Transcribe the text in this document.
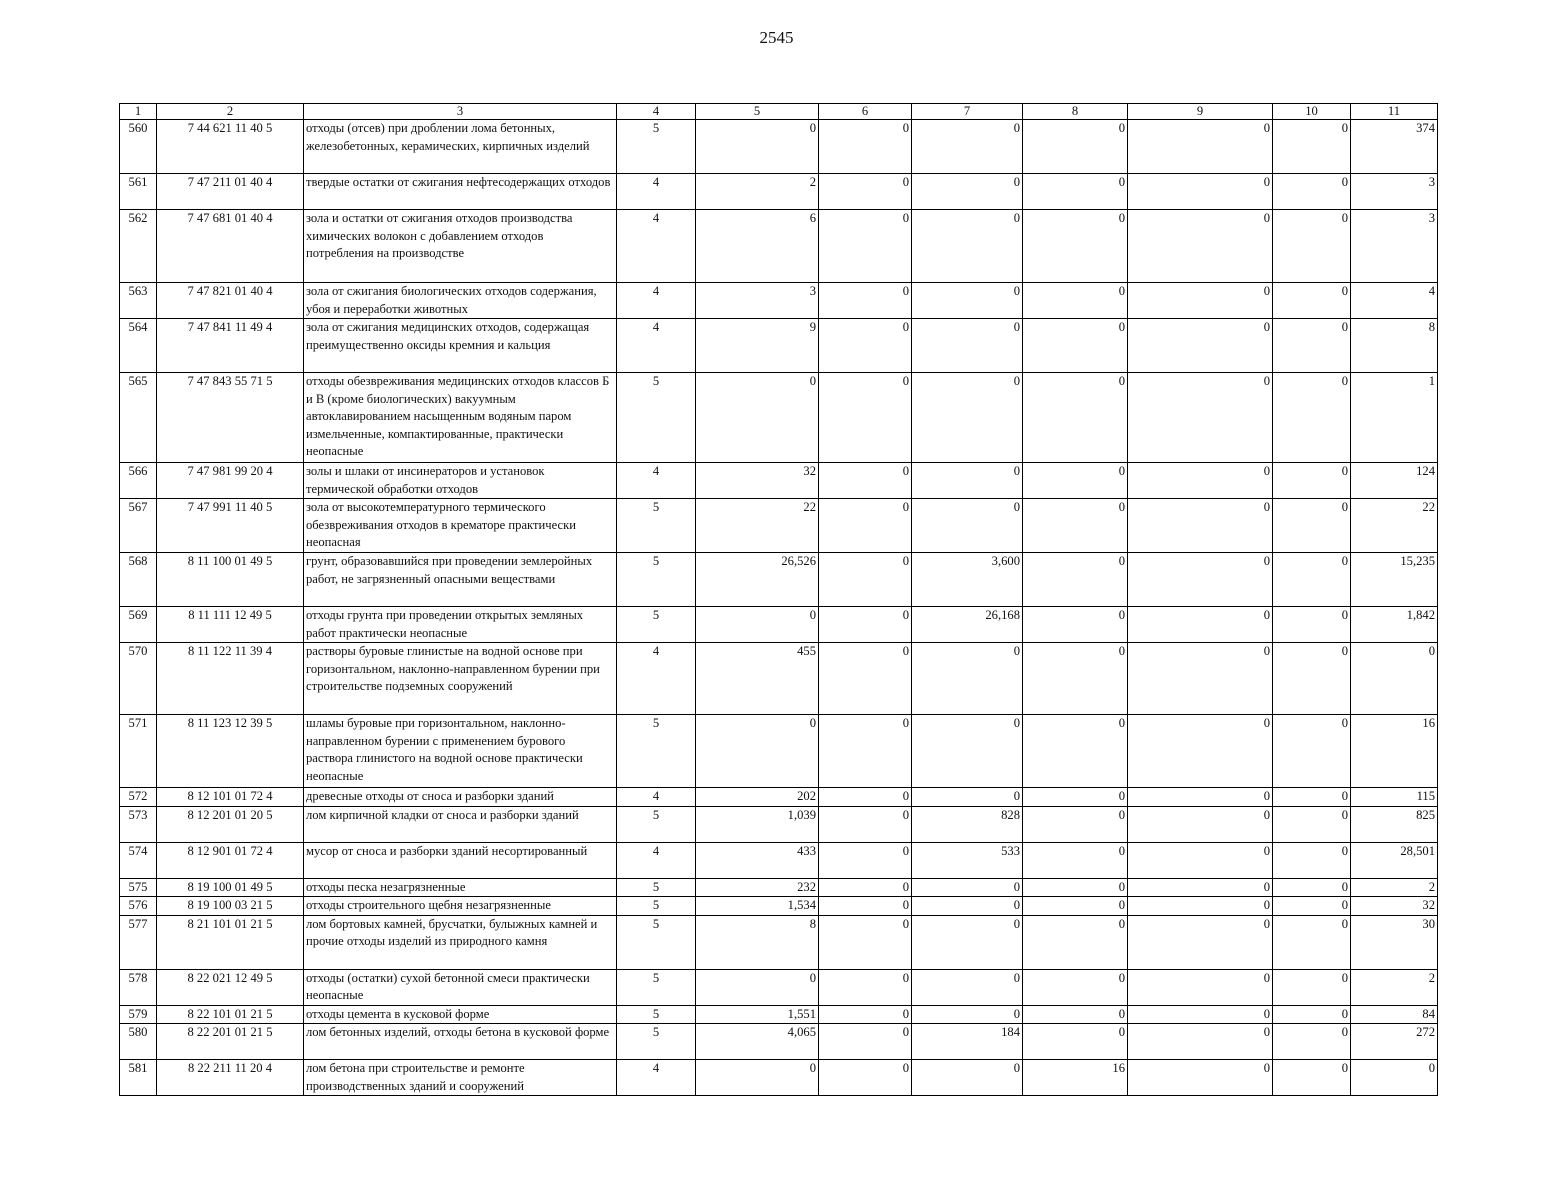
2545
1	2	3	4	5	6	7	8	9	10	11
560	7 44 621 11 40 5	отходы (отсев) при дроблении лома бетонных, железобетонных, керамических, кирпичных изделий	5	0	0	0	0	0	0	374
561	7 47 211 01 40 4	твердые остатки от сжигания нефтесодержащих отходов	4	2	0	0	0	0	0	3
562	7 47 681 01 40 4	зола и остатки от сжигания отходов производства химических волокон с добавлением отходов потребления на производстве	4	6	0	0	0	0	0	3
563	7 47 821 01 40 4	зола от сжигания биологических отходов содержания, убоя и переработки животных	4	3	0	0	0	0	0	4
564	7 47 841 11 49 4	зола от сжигания медицинских отходов, содержащая преимущественно оксиды кремния и кальция	4	9	0	0	0	0	0	8
565	7 47 843 55 71 5	отходы обезвреживания медицинских отходов классов Б и В (кроме биологических) вакуумным автоклавированием насыщенным водяным паром измельченные, компактированные, практически неопасные	5	0	0	0	0	0	0	1
566	7 47 981 99 20 4	золы и шлаки от инсинераторов и установок термической обработки отходов	4	32	0	0	0	0	0	124
567	7 47 991 11 40 5	зола от высокотемпературного термического обезвреживания отходов в крематоре практически неопасная	5	22	0	0	0	0	0	22
568	8 11 100 01 49 5	грунт, образовавшийся при проведении землеройных работ, не загрязненный опасными веществами	5	26,526	0	3,600	0	0	0	15,235
569	8 11 111 12 49 5	отходы грунта при проведении открытых земляных работ практически неопасные	5	0	0	26,168	0	0	0	1,842
570	8 11 122 11 39 4	растворы буровые глинистые на водной основе при горизонтальном, наклонно-направленном бурении при строительстве подземных сооружений	4	455	0	0	0	0	0	0
571	8 11 123 12 39 5	шламы буровые при горизонтальном, наклонно-направленном бурении с применением бурового раствора глинистого на водной основе практически неопасные	5	0	0	0	0	0	0	16
572	8 12 101 01 72 4	древесные отходы от сноса и разборки зданий	4	202	0	0	0	0	0	115
573	8 12 201 01 20 5	лом кирпичной кладки от сноса и разборки зданий	5	1,039	0	828	0	0	0	825
574	8 12 901 01 72 4	мусор от сноса и разборки зданий несортированный	4	433	0	533	0	0	0	28,501
575	8 19 100 01 49 5	отходы песка незагрязненные	5	232	0	0	0	0	0	2
576	8 19 100 03 21 5	отходы строительного щебня незагрязненные	5	1,534	0	0	0	0	0	32
577	8 21 101 01 21 5	лом бортовых камней, брусчатки, булыжных камней и прочие отходы изделий из природного камня	5	8	0	0	0	0	0	30
578	8 22 021 12 49 5	отходы (остатки) сухой бетонной смеси практически неопасные	5	0	0	0	0	0	0	2
579	8 22 101 01 21 5	отходы цемента в кусковой форме	5	1,551	0	0	0	0	0	84
580	8 22 201 01 21 5	лом бетонных изделий, отходы бетона в кусковой форме	5	4,065	0	184	0	0	0	272
581	8 22 211 11 20 4	лом бетона при строительстве и ремонте производственных зданий и сооружений	4	0	0	0	16	0	0	0
